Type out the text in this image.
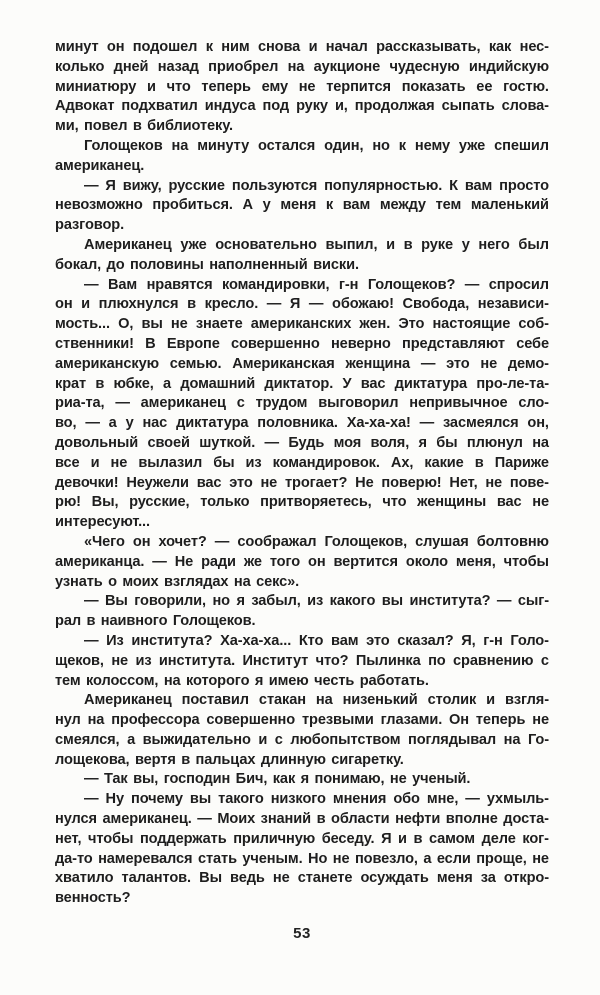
минут он подошел к ним снова и начал рассказывать, как нес-
колько дней назад приобрел на аукционе чудесную индийскую
миниатюру и что теперь ему не терпится показать ее гостю.
Адвокат подхватил индуса под руку и, продолжая сыпать слова-
ми, повел в библиотеку.

Голощеков на минуту остался один, но к нему уже спешил
американец.

— Я вижу, русские пользуются популярностью. К вам просто
невозможно пробиться. А у меня к вам между тем маленький
разговор.

Американец уже основательно выпил, и в руке у него был
бокал, до половины наполненный виски.

— Вам нравятся командировки, г-н Голощеков? — спросил
он и плюхнулся в кресло. — Я — обожаю! Свобода, независи-
мость... О, вы не знаете американских жен. Это настоящие соб-
ственники! В Европе совершенно неверно представляют себе
американскую семью. Американская женщина — это не демо-
крат в юбке, а домашний диктатор. У вас диктатура про-ле-та-
риа-та, — американец с трудом выговорил непривычное сло-
во, — а у нас диктатура половника. Ха-ха-ха! — засмеялся он,
довольный своей шуткой. — Будь моя воля, я бы плюнул на
все и не вылазил бы из командировок. Ах, какие в Париже
девочки! Неужели вас это не трогает? Не поверю! Нет, не пове-
рю! Вы, русские, только притворяетесь, что женщины вас не
интересуют...

«Чего он хочет? — соображал Голощеков, слушая болтовню
американца. — Не ради же того он вертится около меня, чтобы
узнать о моих взглядах на секс».

— Вы говорили, но я забыл, из какого вы института? — сыг-
рал в наивного Голощеков.

— Из института? Ха-ха-ха... Кто вам это сказал? Я, г-н Голо-
щеков, не из института. Институт что? Пылинка по сравнению с
тем колоссом, на которого я имею честь работать.

Американец поставил стакан на низенький столик и взгля-
нул на профессора совершенно трезвыми глазами. Он теперь не
смеялся, а выжидательно и с любопытством поглядывал на Го-
лощекова, вертя в пальцах длинную сигаретку.

— Так вы, господин Бич, как я понимаю, не ученый.

— Ну почему вы такого низкого мнения обо мне, — ухмыль-
нулся американец. — Моих знаний в области нефти вполне доста-
нет, чтобы поддержать приличную беседу. Я и в самом деле ког-
да-то намеревался стать ученым. Но не повезло, а если проще, не
хватило талантов. Вы ведь не станете осуждать меня за откро-
венность?

53
